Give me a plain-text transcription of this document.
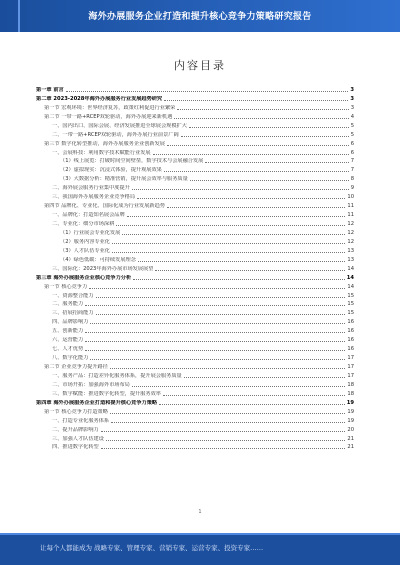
海外办展服务企业打造和提升核心竞争力策略研究报告
内容目录
第一章 前言	3
第二章 2023-2028年海外办展服务行业发展趋势研究	3
第一节 宏观环境：世界经济复苏，政策红利促进行业繁荣	3
第二节 一带一路+RCEP双轮驱动，海外办展迎来新机遇	4
一、国内出口、国际会展、经济发展推进全球展会规模扩大	5
二、一带一路+RCEP双轮驱动，海外办展行业前景广阔	5
第三节 数字化转型推动，海外办展服务企业创新发展	6
一、会展科技：利用数字技术赋能行业发展	6
（1）线上展览：打破时间空间壁垒，数字技术与会展融合发展	7
（2）虚拟现实：沉浸式体验，提升观展效果	7
（3）大数据分析：精准营销，提升展会效率与服务质量	8
二、海外展会服务行业集中度提升	9
三、我国海外办展服务企业竞争格局	10
第四节 品牌化、专业化、国际化成为行业发展新趋势	11
一、品牌化：打造知名展会品牌	11
二、专业化：细分市场深耕	12
（1）行业展会专业化发展	12
（2）服务内容专业化	12
（3）人才队伍专业化	13
（4）绿色低碳：可持续发展理念	13
三、国际化：2023年海外办展市场发展展望	14
第三章 海外办展服务企业核心竞争力分析	14
第一节 核心竞争力	14
一、资源整合能力	15
二、服务能力	15
三、招展招商能力	15
四、品牌影响力	16
五、创新能力	16
六、运营能力	16
七、人才优势	16
八、数字化能力	17
第二节 企业竞争力提升路径	17
一、服务产品：打造差异化服务体系，提升展会服务质量	17
二、市场开拓：加强海外市场布局	18
三、数字赋能：推进数字化转型，提升服务效率	18
第四章 海外办展服务企业打造和提升核心竞争力策略	19
第一节 核心竞争力打造策略	19
一、打造专业化服务体系	19
二、提升品牌影响力	20
三、加强人才队伍建设	21
四、推进数字化转型	21
1
让每个人都能成为 战略专家、管理专家、营销专家、运营专家、投资专家……
